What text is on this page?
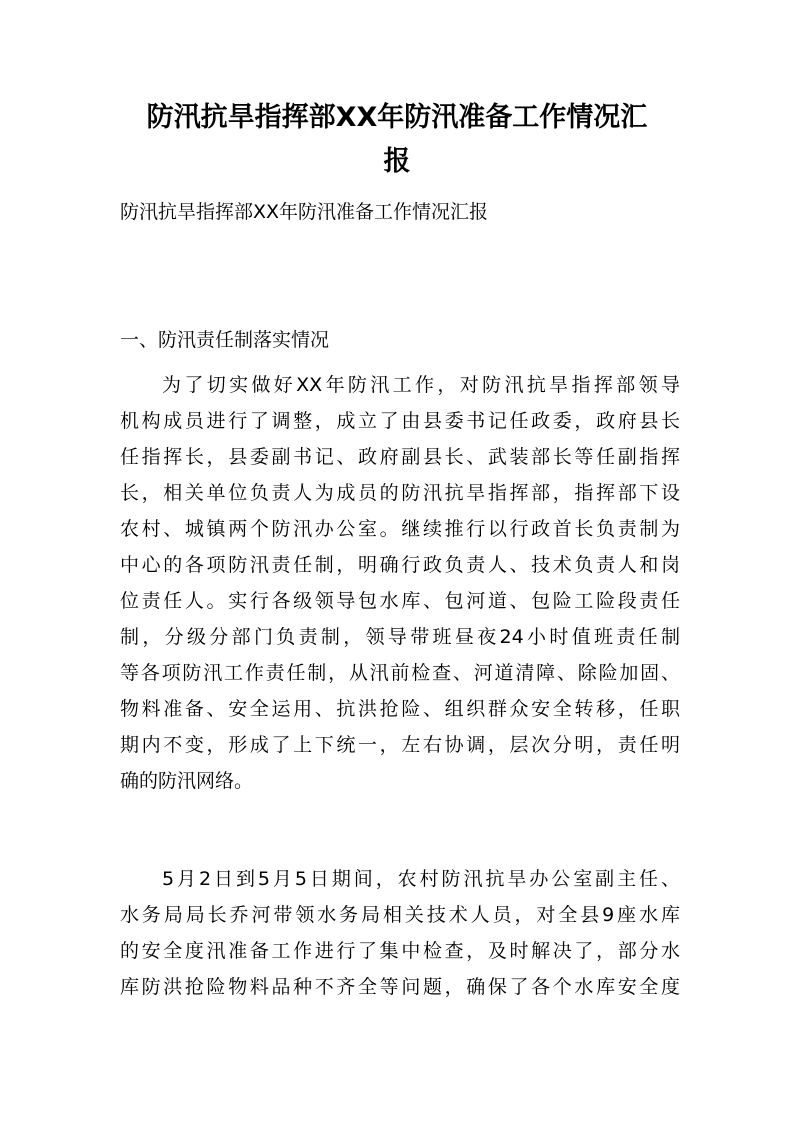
防汛抗旱指挥部XX年防汛准备工作情况汇
报

防汛抗旱指挥部XX年防汛准备工作情况汇报

一、防汛责任制落实情况

为了切实做好XX年防汛工作，对防汛抗旱指挥部领导

机构成员进行了调整，成立了由县委书记任政委，政府县长

任指挥长，县委副书记、政府副县长、武装部长等任副指挥

长，相关单位负责人为成员的防汛抗旱指挥部，指挥部下设

农村、城镇两个防汛办公室。继续推行以行政首长负责制为

中心的各项防汛责任制，明确行政负责人、技术负责人和岗

位责任人。实行各级领导包水库、包河道、包险工险段责任

制，分级分部门负责制，领导带班昼夜24小时值班责任制

等各项防汛工作责任制，从汛前检查、河道清障、除险加固、

物料准备、安全运用、抗洪抢险、组织群众安全转移，任职

期内不变，形成了上下统一，左右协调，层次分明，责任明

确的防汛网络。

5月2日到5月5日期间，农村防汛抗旱办公室副主任、

水务局局长乔河带领水务局相关技术人员，对全县9座水库

的安全度汛准备工作进行了集中检查，及时解决了，部分水

库防洪抢险物料品种不齐全等问题，确保了各个水库安全度
